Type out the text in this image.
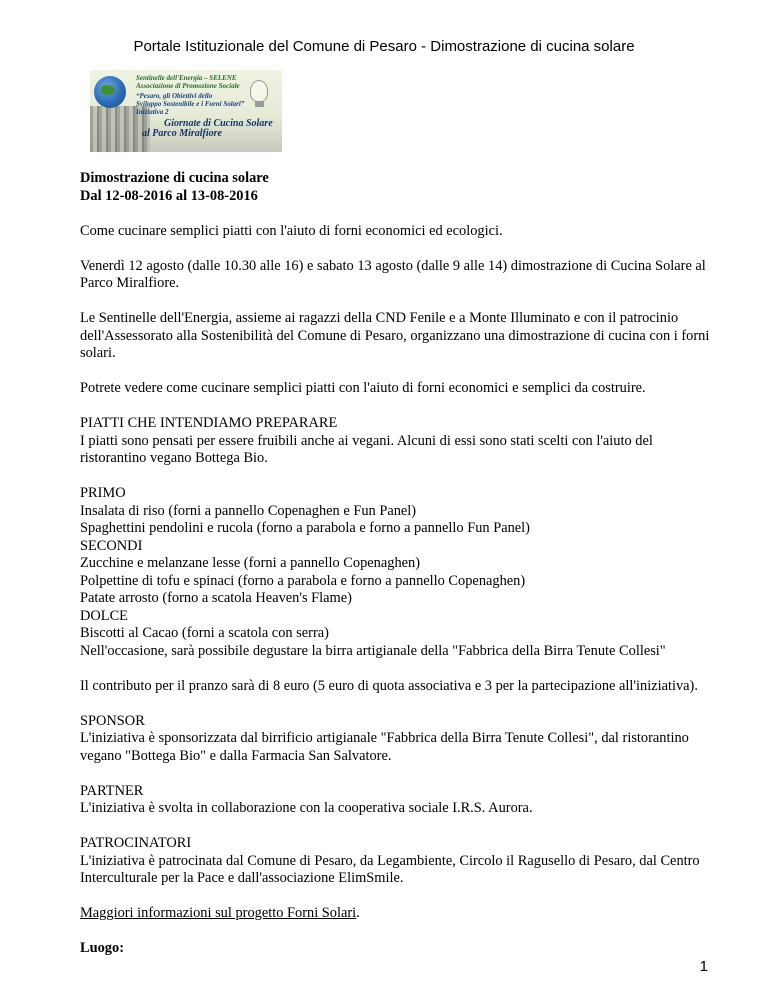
Portale Istituzionale del Comune di Pesaro - Dimostrazione di cucina solare
Sentinelle dell'Energia – SELENE
Associazione di Promozione Sociale
“Pesaro, gli Obiettivi dello
Sviluppo Sostenibile e i Forni Solari”
Iniziativa 2
Giornate di Cucina Solare
al Parco Miralfiore

Dimostrazione di cucina solare
Dal 12-08-2016 al 13-08-2016

Come cucinare semplici piatti con l'aiuto di forni economici ed ecologici.

Venerdì 12 agosto (dalle 10.30 alle 16) e sabato 13 agosto (dalle 9 alle 14) dimostrazione di Cucina Solare al Parco Miralfiore.

Le Sentinelle dell'Energia, assieme ai ragazzi della CND Fenile e a Monte Illuminato e con il patrocinio dell'Assessorato alla Sostenibilità del Comune di Pesaro, organizzano una dimostrazione di cucina con i forni solari.

Potrete vedere come cucinare semplici piatti con l'aiuto di forni economici e semplici da costruire.

PIATTI CHE INTENDIAMO PREPARARE
I piatti sono pensati per essere fruibili anche ai vegani. Alcuni di essi sono stati scelti con l'aiuto del ristorantino vegano Bottega Bio.

PRIMO
Insalata di riso (forni a pannello Copenaghen e Fun Panel)
Spaghettini pendolini e rucola (forno a parabola e forno a pannello Fun Panel)
SECONDI
Zucchine e melanzane lesse (forni a pannello Copenaghen)
Polpettine di tofu e spinaci (forno a parabola e forno a pannello Copenaghen)
Patate arrosto (forno a scatola Heaven's Flame)
DOLCE
Biscotti al Cacao (forni a scatola con serra)
Nell'occasione, sarà possibile degustare la birra artigianale della "Fabbrica della Birra Tenute Collesi"

Il contributo per il pranzo sarà di 8 euro (5 euro di quota associativa e 3 per la partecipazione all'iniziativa).

SPONSOR
L'iniziativa è sponsorizzata dal birrificio artigianale "Fabbrica della Birra Tenute Collesi", dal ristorantino vegano "Bottega Bio" e dalla Farmacia San Salvatore.

PARTNER
L'iniziativa è svolta in collaborazione con la cooperativa sociale I.R.S. Aurora.

PATROCINATORI
L'iniziativa è patrocinata dal Comune di Pesaro, da Legambiente, Circolo il Ragusello di Pesaro, dal Centro Interculturale per la Pace e dall'associazione ElimSmile.

Maggiori informazioni sul progetto Forni Solari.

Luogo:

1
